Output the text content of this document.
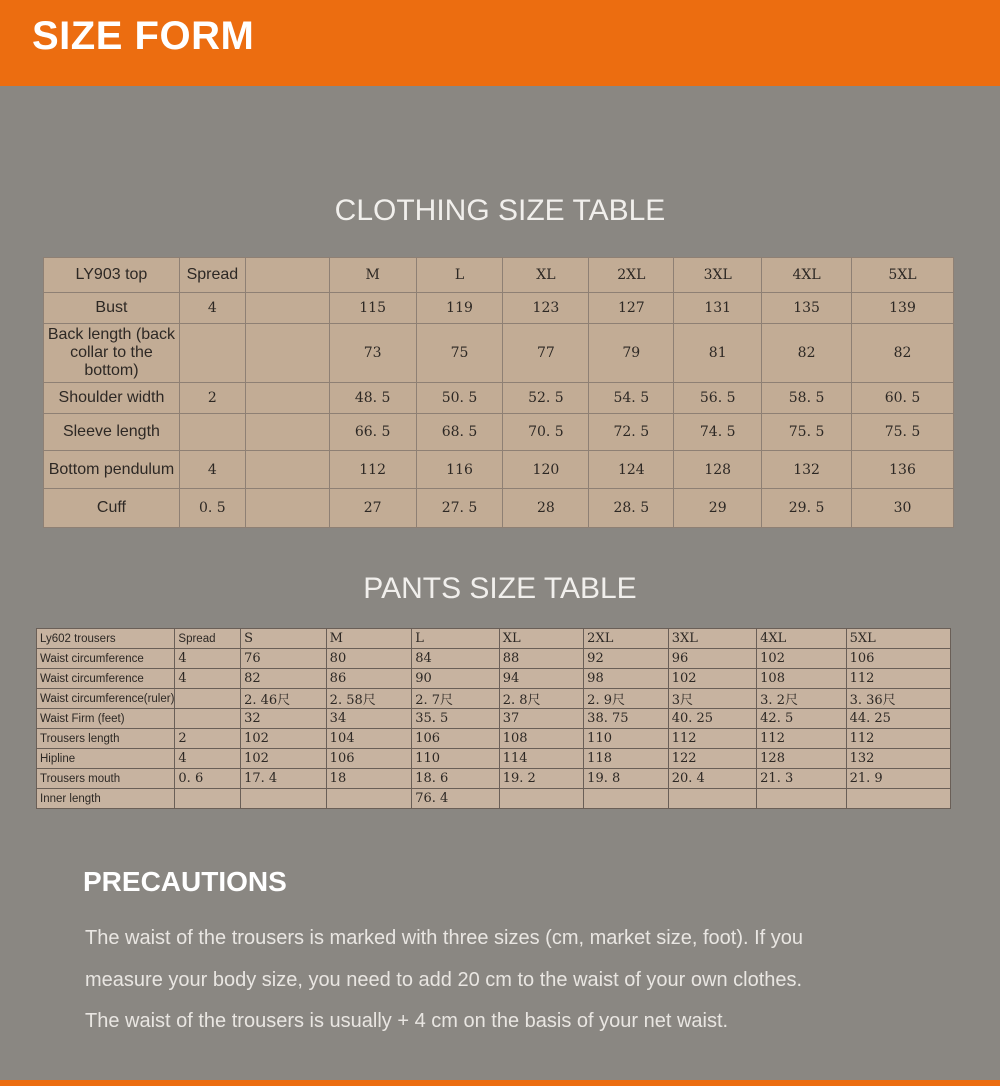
SIZE FORM
CLOTHING SIZE TABLE
LY903 top	Spread		M	L	XL	2XL	3XL	4XL	5XL
Bust	4		115	119	123	127	131	135	139
Back length (back collar to the bottom)			73	75	77	79	81	82	82
Shoulder width	2		48. 5	50. 5	52. 5	54. 5	56. 5	58. 5	60. 5
Sleeve length			66. 5	68. 5	70. 5	72. 5	74. 5	75. 5	75. 5
Bottom pendulum	4		112	116	120	124	128	132	136
Cuff	0. 5		27	27. 5	28	28. 5	29	29. 5	30
PANTS SIZE TABLE
Ly602 trousers	Spread	S	M	L	XL	2XL	3XL	4XL	5XL
Waist circumference	4	76	80	84	88	92	96	102	106
Waist circumference	4	82	86	90	94	98	102	108	112
Waist circumference(ruler)		2. 46尺	2. 58尺	2. 7尺	2. 8尺	2. 9尺	3尺	3. 2尺	3. 36尺
Waist Firm (feet)		32	34	35. 5	37	38. 75	40. 25	42. 5	44. 25
Trousers length	2	102	104	106	108	110	112	112	112
Hipline	4	102	106	110	114	118	122	128	132
Trousers mouth	0. 6	17. 4	18	18. 6	19. 2	19. 8	20. 4	21. 3	21. 9
Inner length				76. 4					
PRECAUTIONS

The waist of the trousers is marked with three sizes (cm, market size, foot). If you

measure your body size, you need to add 20 cm to the waist of your own clothes.

The waist of the trousers is usually + 4 cm on the basis of your net waist.
